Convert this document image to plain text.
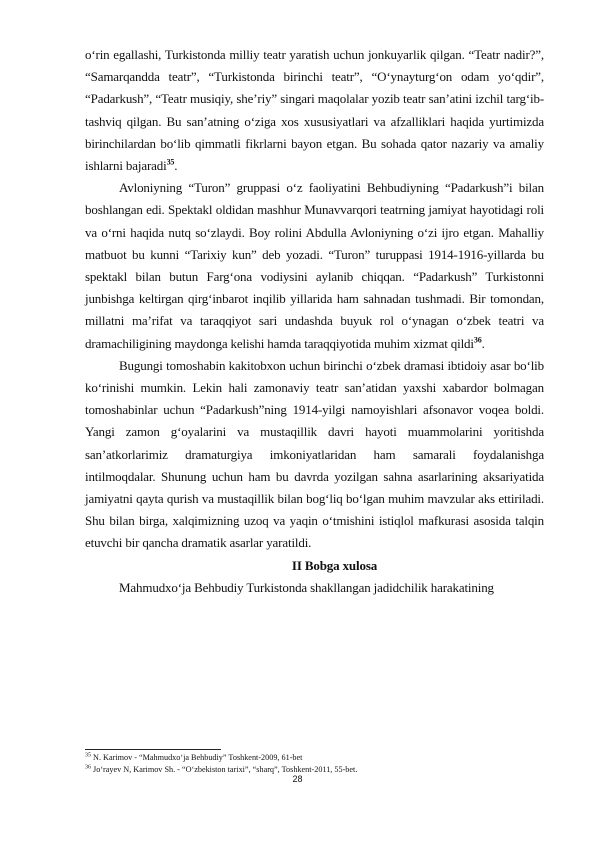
o‘rin egallashi, Turkistonda milliy teatr yaratish uchun jonkuyarlik qilgan. “Teatr nadir?”, “Samarqandda teatr”, “Turkistonda birinchi teatr”, “O‘ynayturg‘on odam yo‘qdir”, “Padarkush”, “Teatr musiqiy, she’riy” singari maqolalar yozib teatr san’atini izchil targ‘ib-tashviq qilgan. Bu san’atning o‘ziga xos xususiyatlari va afzalliklari haqida yurtimizda birinchilardan bo‘lib qimmatli fikrlarni bayon etgan. Bu sohada qator nazariy va amaliy ishlarni bajaradi$^{35}$.

Avloniyning “Turon” gruppasi o‘z faoliyatini Behbudiyning “Padarkush”i bilan boshlangan edi. Spektakl oldidan mashhur Munavvarqori teatrning jamiyat hayotidagi roli va o‘rni haqida nutq so‘zlaydi. Boy rolini Abdulla Avloniyning o‘zi ijro etgan. Mahalliy matbuot bu kunni “Tarixiy kun” deb yozadi. “Turon” turuppasi 1914-1916-yillarda bu spektakl bilan butun Farg‘ona vodiysini aylanib chiqqan. “Padarkush” Turkistonni junbishga keltirgan qirg‘inbarot inqilib yillarida ham sahnadan tushmadi. Bir tomondan, millatni ma’rifat va taraqqiyot sari undashda buyuk rol o‘ynagan o‘zbek teatri va dramachiligining maydonga kelishi hamda taraqqiyotida muhim xizmat qildi$^{36}$.

Bugungi tomoshabin kakitobxon uchun birinchi o‘zbek dramasi ibtidoiy asar bo‘lib ko‘rinishi mumkin. Lekin hali zamonaviy teatr san’atidan yaxshi xabardor bolmagan tomoshabinlar uchun “Padarkush”ning 1914-yilgi namoyishlari afsonavor voqea boldi. Yangi zamon g‘oyalarini va mustaqillik davri hayoti muammolarini yoritishda san’atkorlarimiz dramaturgiya imkoniyatlaridan ham samarali foydalanishga intilmoqdalar. Shunung uchun ham bu davrda yozilgan sahna asarlarining aksariyatida jamiyatni qayta qurish va mustaqillik bilan bog‘liq bo‘lgan muhim mavzular aks ettiriladi. Shu bilan birga, xalqimizning uzoq va yaqin o‘tmishini istiqlol mafkurasi asosida talqin etuvchi bir qancha dramatik asarlar yaratildi.

II Bobga xulosa

Mahmudxo‘ja Behbudiy Turkistonda shakllangan jadidchilik harakatining

$^{35}$ N. Karimov - “Mahmudxo‘ja Behbudiy” Toshkent-2009, 61-bet
$^{36}$ Jo‘rayev N, Karimov Sh. - “O‘zbekiston tarixi”, “sharq”, Toshkent-2011, 55-bet.
28
